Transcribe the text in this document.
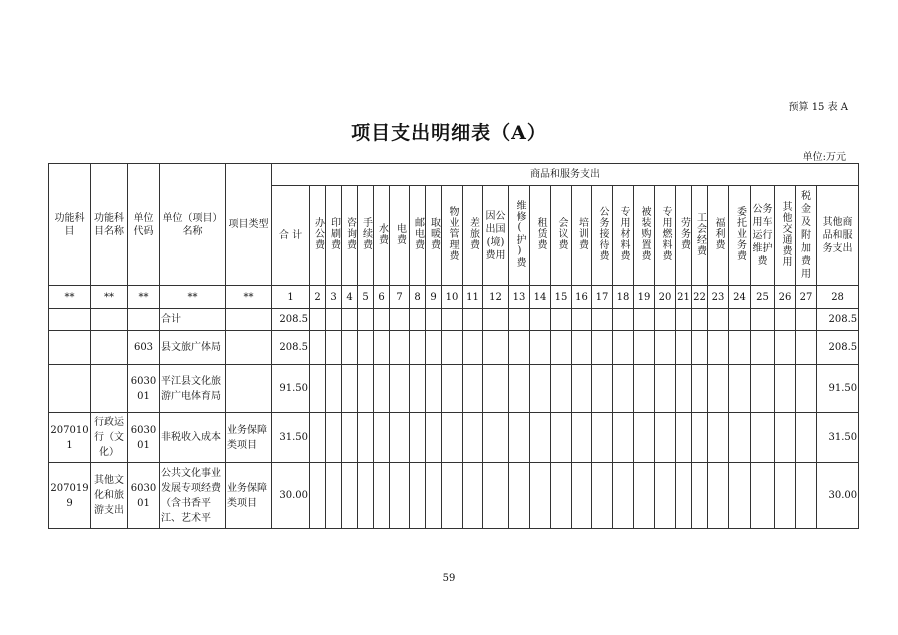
预算 15 表 A
项目支出明细表（A）
单位:万元
功能科目	功能科目名称	单位代码	单位（项目）名称	项目类型	商品和服务支出																											
					合 计	办公费	印刷费	咨询费	手续费	水费	电费	邮电费	取暖费	物业管理费	差旅费	因公出国(境)费用	维修(护)费	租赁费	会议费	培训费	公务接待费	专用材料费	被装购置费	专用燃料费	劳务费	工会经费	福利费	委托业务费	公务用车运行维护费	其他交通费用	税金及附加费用	其他商品和服务支出

**	**	**	**	**	1	2	3	4	5	6	7	8	9	10	11	12	13	14	15	16	17	18	19	20	21	22	23	24	25	26	27	28

			合计		208.5																											208.5

		603	县文旅广体局		208.5																											208.5

		603001	平江县文化旅游广电体育局		91.50																											91.50

2070101	行政运行（文化）	603001	非税收入成本	业务保障类项目	31.50																											31.50

2070199	其他文化和旅游支出	603001	公共文化事业发展专项经费（含书香平江、艺术平	业务保障类项目	30.00																											30.00
59
